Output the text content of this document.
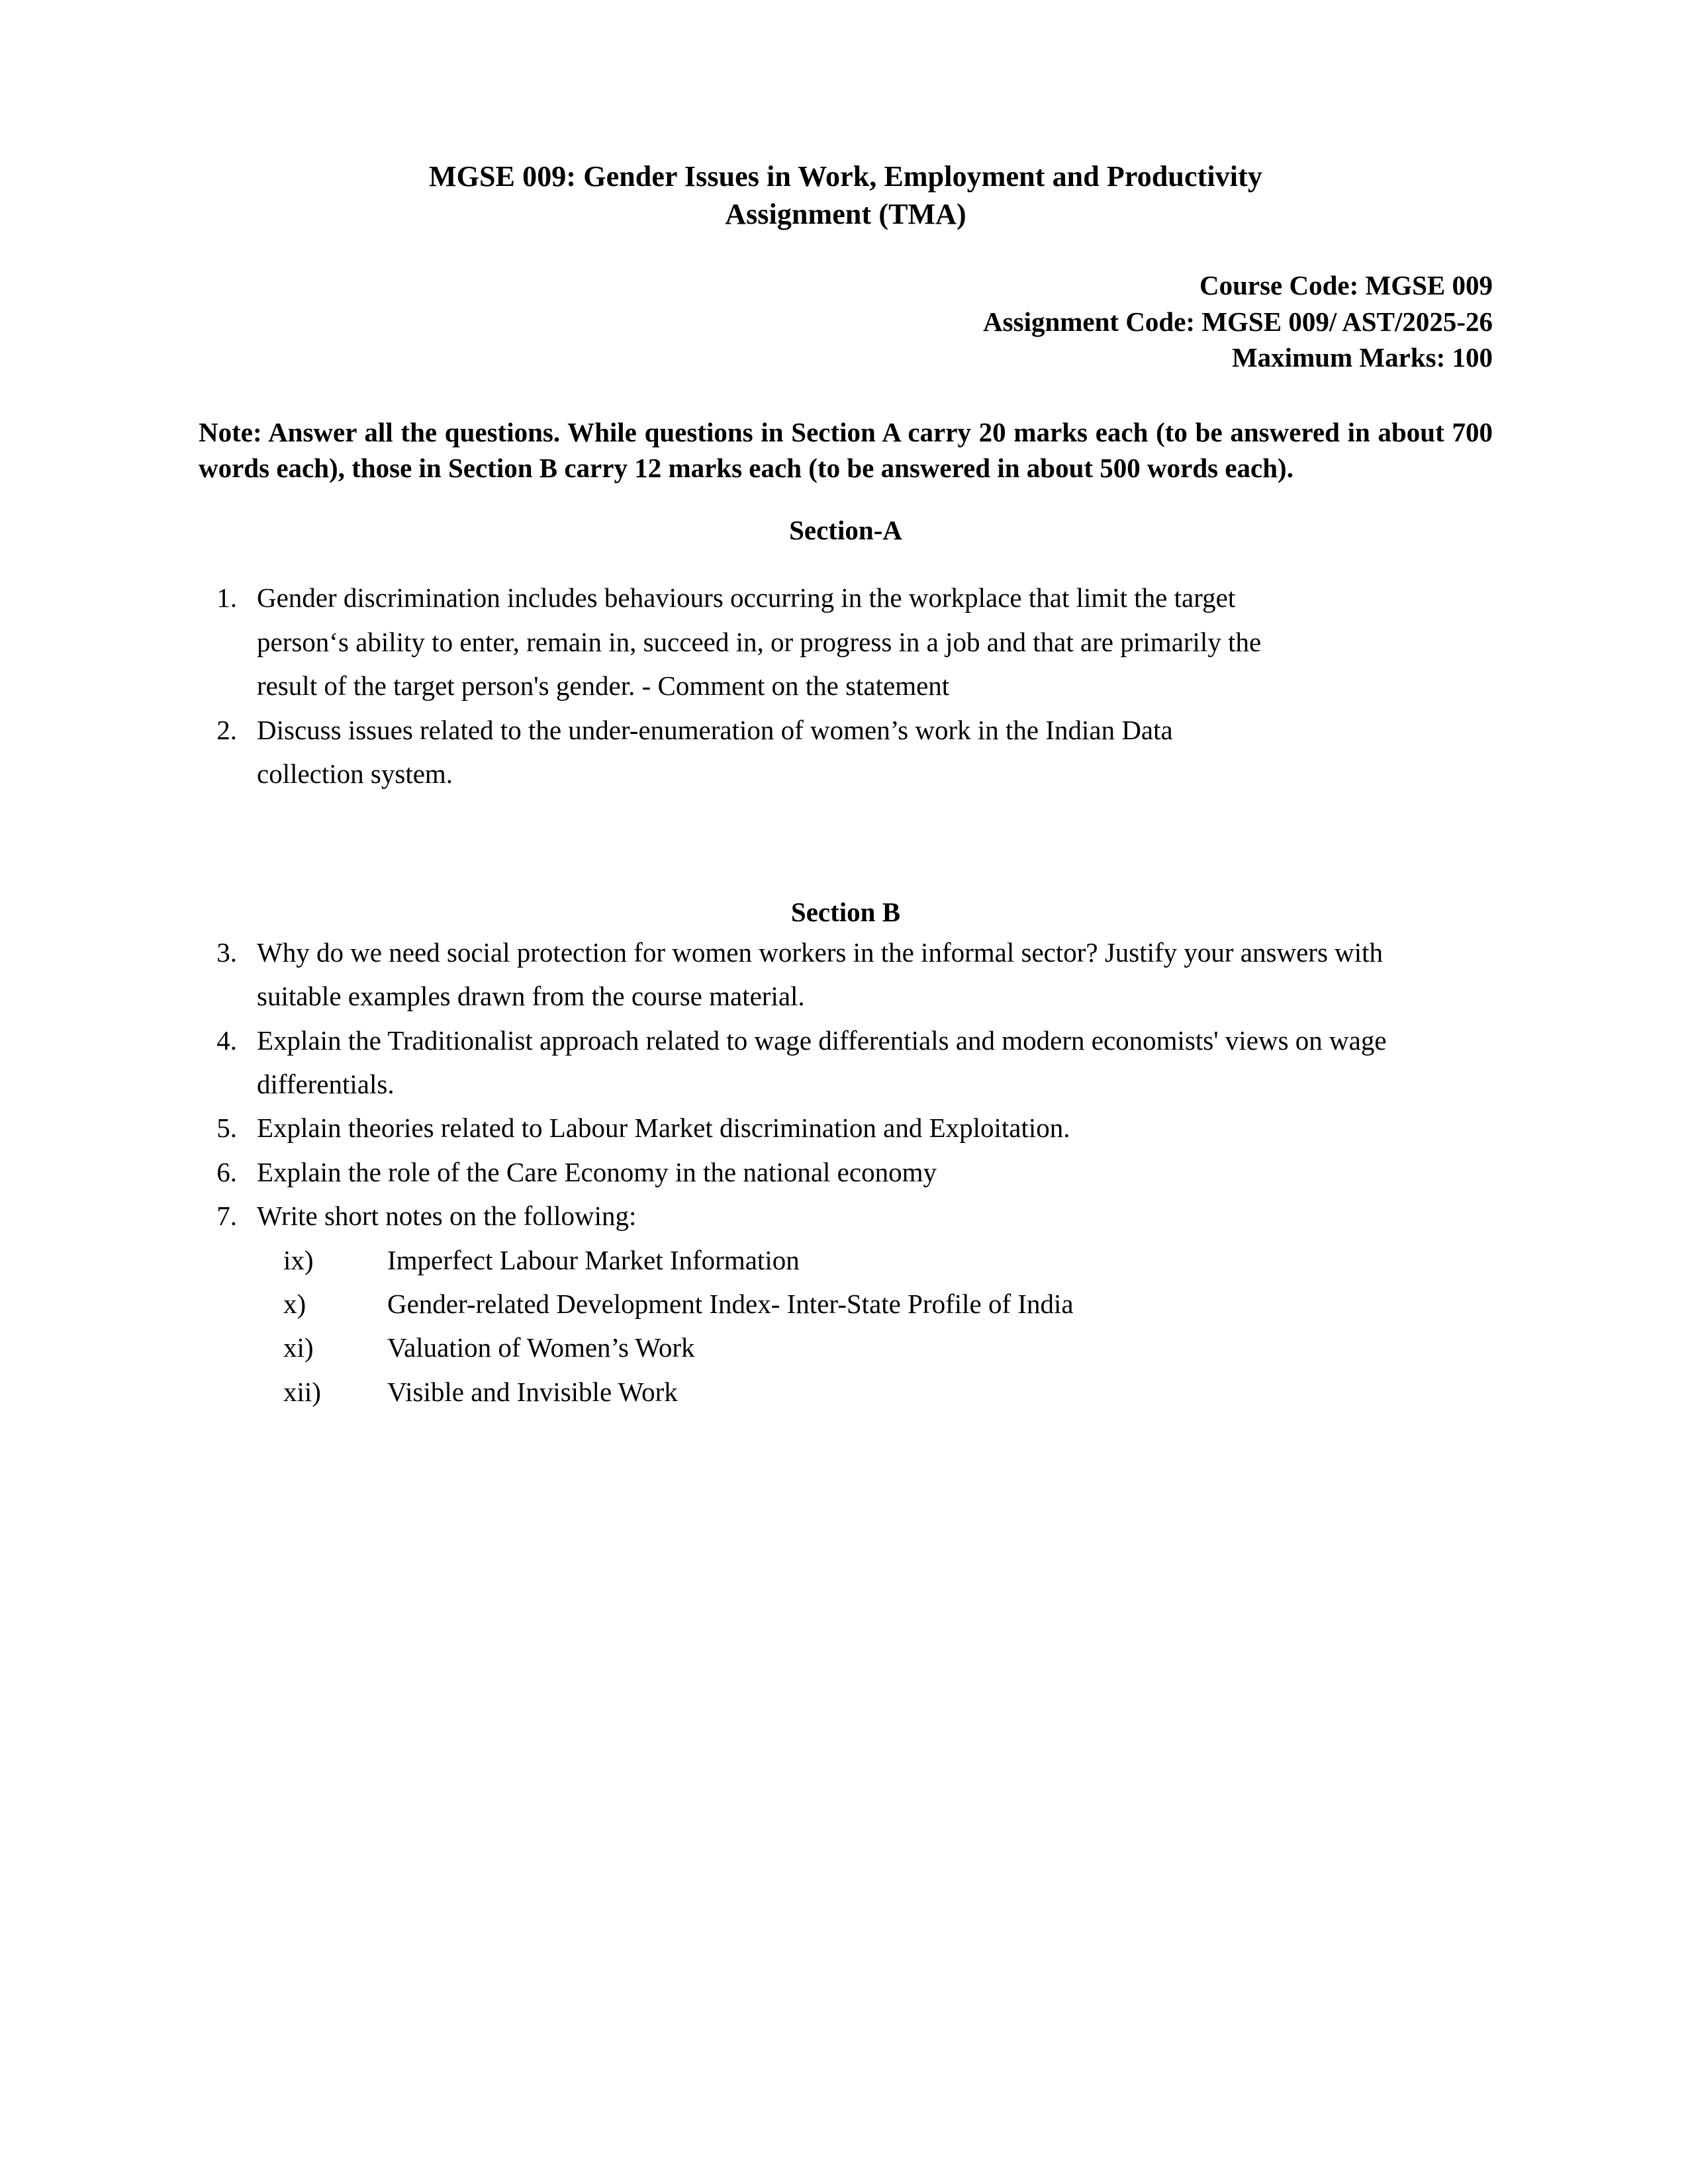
MGSE 009: Gender Issues in Work, Employment and Productivity
Assignment (TMA)
Course Code: MGSE 009
Assignment Code: MGSE 009/ AST/2025-26
Maximum Marks: 100

Note: Answer all the questions. While questions in Section A carry 20 marks each (to be answered in about 700 words each), those in Section B carry 12 marks each (to be answered in about 500 words each).

Section-A
1. Gender discrimination includes behaviours occurring in the workplace that limit the target person‘s ability to enter, remain in, succeed in, or progress in a job and that are primarily the result of the target person's gender. - Comment on the statement
2. Discuss issues related to the under-enumeration of women’s work in the Indian Data collection system.
Section B
3. Why do we need social protection for women workers in the informal sector? Justify your answers with suitable examples drawn from the course material.
4. Explain the Traditionalist approach related to wage differentials and modern economists' views on wage differentials.
5. Explain theories related to Labour Market discrimination and Exploitation.
6. Explain the role of the Care Economy in the national economy
7. Write short notes on the following:
ix)	Imperfect Labour Market Information
x)	Gender-related Development Index- Inter-State Profile of India
xi)	Valuation of Women’s Work
xii)	Visible and Invisible Work
